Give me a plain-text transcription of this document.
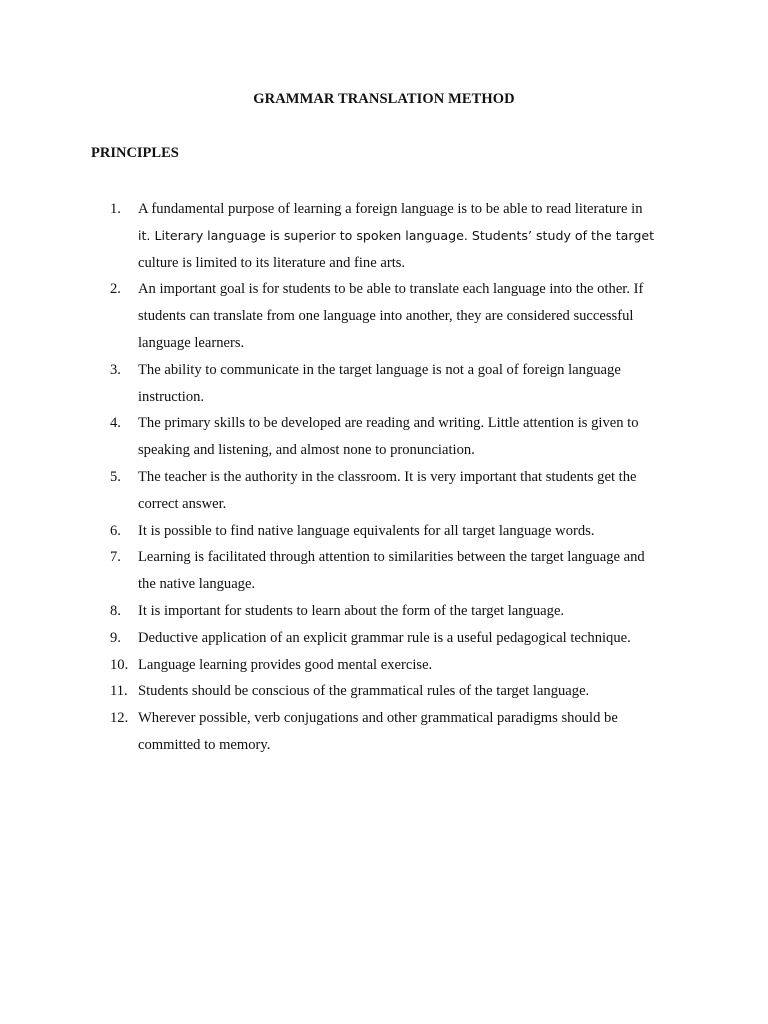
GRAMMAR TRANSLATION METHOD
PRINCIPLES
1. A fundamental purpose of learning a foreign language is to be able to read literature in
it. Literary language is superior to spoken language. Students’ study of the target
culture is limited to its literature and fine arts.
2. An important goal is for students to be able to translate each language into the other. If
students can translate from one language into another, they are considered successful
language learners.
3. The ability to communicate in the target language is not a goal of foreign language
instruction.
4. The primary skills to be developed are reading and writing. Little attention is given to
speaking and listening, and almost none to pronunciation.
5. The teacher is the authority in the classroom. It is very important that students get the
correct answer.
6. It is possible to find native language equivalents for all target language words.
7. Learning is facilitated through attention to similarities between the target language and
the native language.
8. It is important for students to learn about the form of the target language.
9. Deductive application of an explicit grammar rule is a useful pedagogical technique.
10. Language learning provides good mental exercise.
11. Students should be conscious of the grammatical rules of the target language.
12. Wherever possible, verb conjugations and other grammatical paradigms should be
committed to memory.
